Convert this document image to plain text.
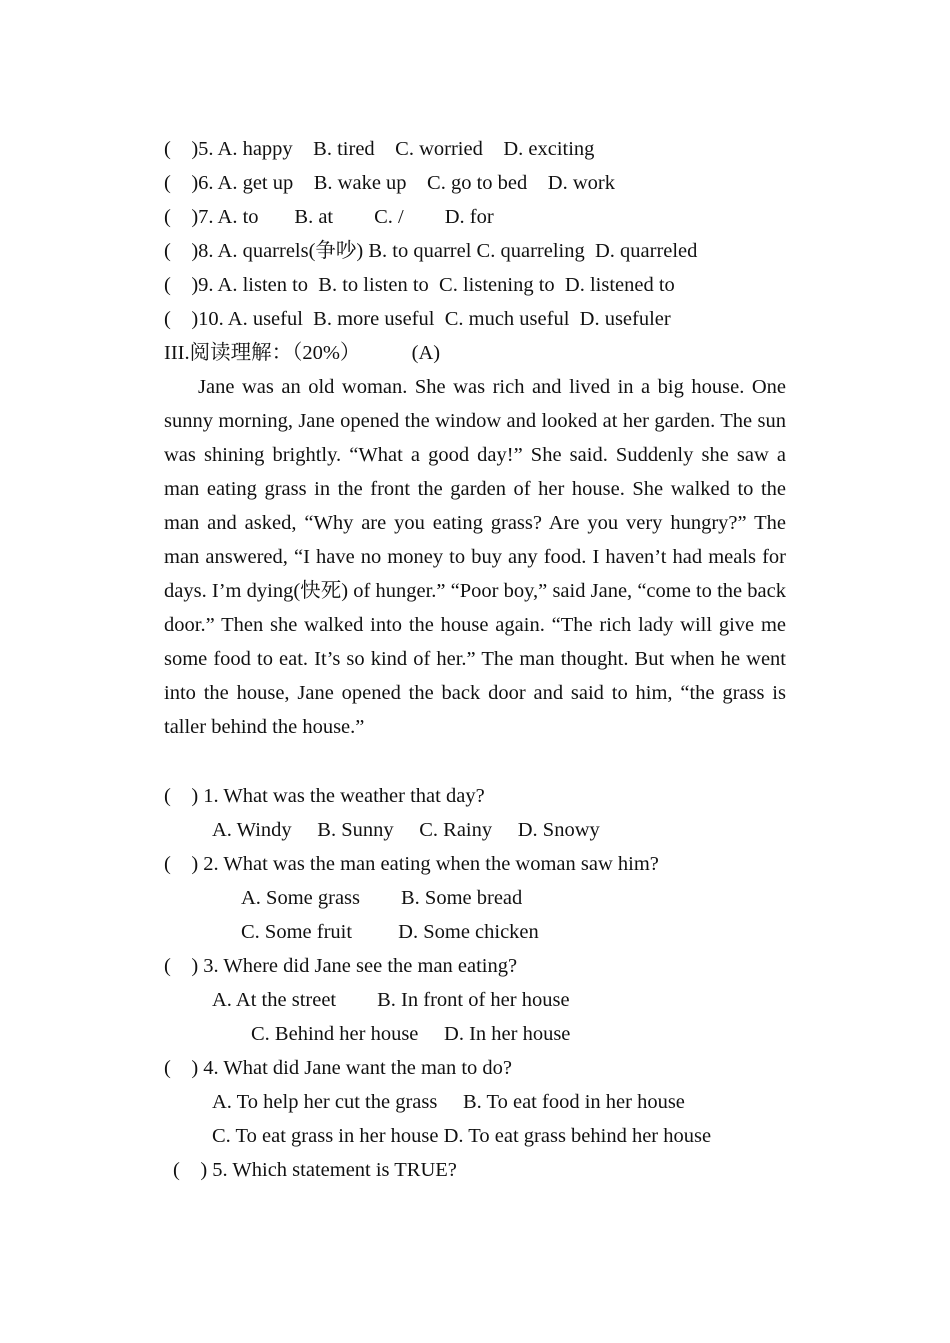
(    )5. A. happy    B. tired    C. worried    D. exciting
(    )6. A. get up    B. wake up    C. go to bed    D. work
(    )7. A. to       B. at        C. /        D. for
(    )8. A. quarrels(争吵) B. to quarrel C. quarreling  D. quarreled
(    )9. A. listen to  B. to listen to  C. listening to  D. listened to
(    )10. A. useful  B. more useful  C. much useful  D. usefuler
III.阅读理解：（20%）          (A)
Jane was an old woman. She was rich and lived in a big house. One sunny morning, Jane opened the window and looked at her garden. The sun was shining brightly. “What a good day!” She said. Suddenly she saw a man eating grass in the front the garden of her house. She walked to the man and asked, “Why are you eating grass? Are you very hungry?” The man answered, “I have no money to buy any food. I haven’t had meals for days. I’m dying(快死) of hunger.” “Poor boy,” said Jane, “come to the back door.” Then she walked into the house again. “The rich lady will give me some food to eat. It’s so kind of her.” The man thought. But when he went into the house, Jane opened the back door and said to him, “the grass is taller behind the house.”
(    ) 1. What was the weather that day?
A. Windy     B. Sunny     C. Rainy     D. Snowy
(    ) 2. What was the man eating when the woman saw him?
A. Some grass        B. Some bread
C. Some fruit         D. Some chicken
(    ) 3. Where did Jane see the man eating?
A. At the street        B. In front of her house
C. Behind her house     D. In her house
(    ) 4. What did Jane want the man to do?
A. To help her cut the grass     B. To eat food in her house
C. To eat grass in her house D. To eat grass behind her house
(    ) 5. Which statement is TRUE?
